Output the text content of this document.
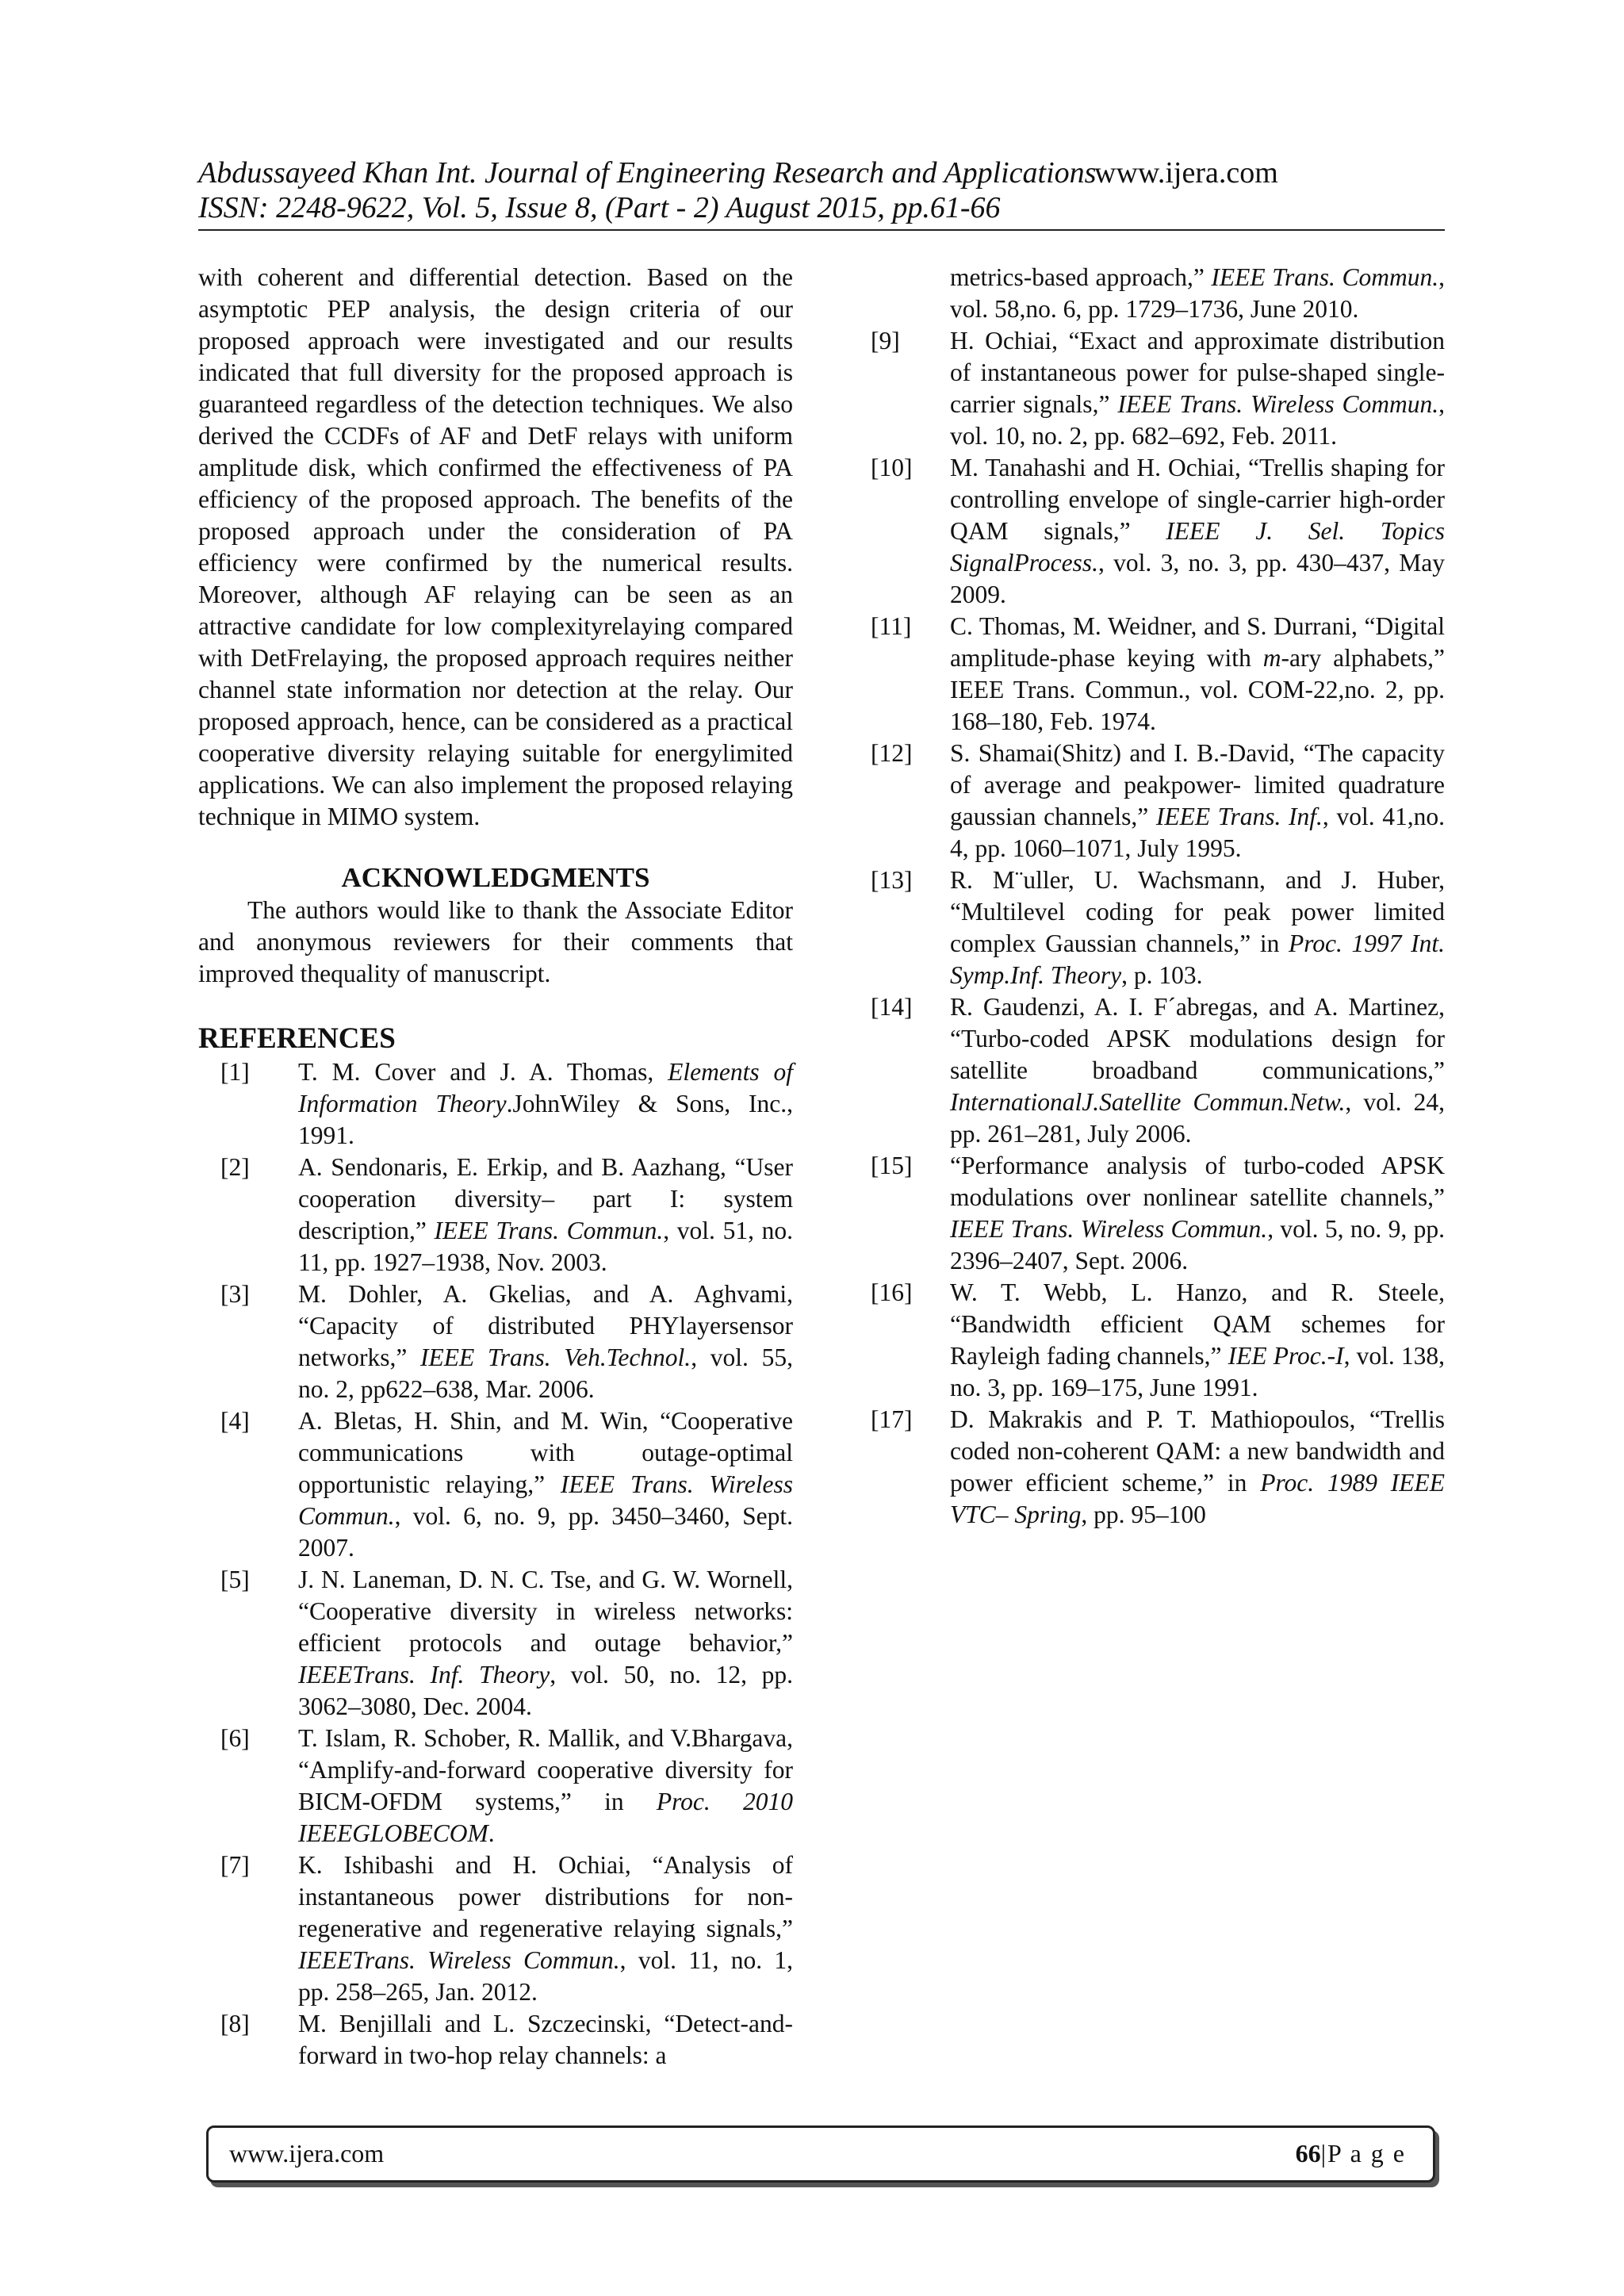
Abdussayeed Khan Int. Journal of Engineering Research and Applications
www.ijera.com
ISSN: 2248-9622, Vol. 5, Issue 8, (Part - 2) August 2015, pp.61-66

with coherent and differential detection. Based on the asymptotic PEP analysis, the design criteria of our proposed approach were investigated and our results indicated that full diversity for the proposed approach is guaranteed regardless of the detection techniques. We also derived the CCDFs of AF and DetF relays with uniform amplitude disk, which confirmed the effectiveness of PA efficiency of the proposed approach. The benefits of the proposed approach under the consideration of PA efficiency were confirmed by the numerical results. Moreover, although AF relaying can be seen as an attractive candidate for low complexityrelaying compared with DetFrelaying, the proposed approach requires neither channel state information nor detection at the relay. Our proposed approach, hence, can be considered as a practical cooperative diversity relaying suitable for energylimited applications. We can also implement the proposed relaying technique in MIMO system.

ACKNOWLEDGMENTS

The authors would like to thank the Associate Editor and anonymous reviewers for their comments that improved thequality of manuscript.

REFERENCES
[1] T. M. Cover and J. A. Thomas, Elements of Information Theory.JohnWiley & Sons, Inc., 1991.
[2] A. Sendonaris, E. Erkip, and B. Aazhang, “User cooperation diversity– part I: system description,” IEEE Trans. Commun., vol. 51, no. 11, pp. 1927–1938, Nov. 2003.
[3] M. Dohler, A. Gkelias, and A. Aghvami, “Capacity of distributed PHYlayersensor networks,” IEEE Trans. Veh.Technol., vol. 55, no. 2, pp622–638, Mar. 2006.
[4] A. Bletas, H. Shin, and M. Win, “Cooperative communications with outage-optimal opportunistic relaying,” IEEE Trans. Wireless Commun., vol. 6, no. 9, pp. 3450–3460, Sept. 2007.
[5] J. N. Laneman, D. N. C. Tse, and G. W. Wornell, “Cooperative diversity in wireless networks: efficient protocols and outage behavior,” IEEETrans. Inf. Theory, vol. 50, no. 12, pp. 3062–3080, Dec. 2004.
[6] T. Islam, R. Schober, R. Mallik, and V.Bhargava, “Amplify-and-forward cooperative diversity for BICM-OFDM systems,” in Proc. 2010 IEEEGLOBECOM.
[7] K. Ishibashi and H. Ochiai, “Analysis of instantaneous power distributions for non-regenerative and regenerative relaying signals,” IEEETrans. Wireless Commun., vol. 11, no. 1, pp. 258–265, Jan. 2012.
[8] M. Benjillali and L. Szczecinski, “Detect-and-forward in two-hop relay channels: a
metrics-based approach,” IEEE Trans. Commun., vol. 58,no. 6, pp. 1729–1736, June 2010.
[9] H. Ochiai, “Exact and approximate distribution of instantaneous power for pulse-shaped single-carrier signals,” IEEE Trans. Wireless Commun., vol. 10, no. 2, pp. 682–692, Feb. 2011.
[10] M. Tanahashi and H. Ochiai, “Trellis shaping for controlling envelope of single-carrier high-order QAM signals,” IEEE J. Sel. Topics SignalProcess., vol. 3, no. 3, pp. 430–437, May 2009.
[11] C. Thomas, M. Weidner, and S. Durrani, “Digital amplitude-phase keying with m-ary alphabets,” IEEE Trans. Commun., vol. COM-22,no. 2, pp. 168–180, Feb. 1974.
[12] S. Shamai(Shitz) and I. B.-David, “The capacity of average and peakpower- limited quadrature gaussian channels,” IEEE Trans. Inf., vol. 41,no. 4, pp. 1060–1071, July 1995.
[13] R. M¨uller, U. Wachsmann, and J. Huber, “Multilevel coding for peak power limited complex Gaussian channels,” in Proc. 1997 Int. Symp.Inf. Theory, p. 103.
[14] R. Gaudenzi, A. I. F´abregas, and A. Martinez, “Turbo-coded APSK modulations design for satellite broadband communications,” InternationalJ.Satellite Commun.Netw., vol. 24, pp. 261–281, July 2006.
[15] “Performance analysis of turbo-coded APSK modulations over nonlinear satellite channels,” IEEE Trans. Wireless Commun., vol. 5, no. 9, pp. 2396–2407, Sept. 2006.
[16] W. T. Webb, L. Hanzo, and R. Steele, “Bandwidth efficient QAM schemes for Rayleigh fading channels,” IEE Proc.-I, vol. 138, no. 3, pp. 169–175, June 1991.
[17] D. Makrakis and P. T. Mathiopoulos, “Trellis coded non-coherent QAM: a new bandwidth and power efficient scheme,” in Proc. 1989 IEEE VTC– Spring, pp. 95–100
www.ijera.com	66|P a g e
